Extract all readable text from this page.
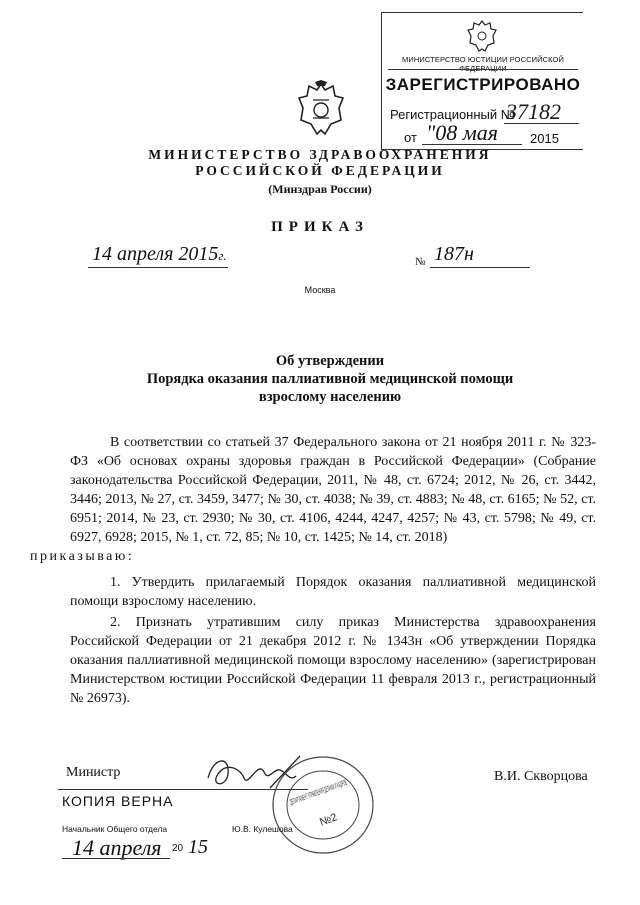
МИНИСТЕРСТВО ЮСТИЦИИ РОССИЙСКОЙ ФЕДЕРАЦИИ
ЗАРЕГИСТРИРОВАНО
Регистрационный №
37182
от "08 мая 2015
МИНИСТЕРСТВО ЗДРАВООХРАНЕНИЯ
РОССИЙСКОЙ ФЕДЕРАЦИИ
(Минздрав России)
ПРИКАЗ
14 апреля 2015г.	№ 187н
Москва
Об утверждении
Порядка оказания паллиативной медицинской помощи
взрослому населению
В соответствии со статьей 37 Федерального закона от 21 ноября 2011 г. № 323-ФЗ «Об основах охраны здоровья граждан в Российской Федерации» (Собрание законодательства Российской Федерации, 2011, № 48, ст. 6724; 2012, № 26, ст. 3442, 3446; 2013, № 27, ст. 3459, 3477; № 30, ст. 4038; № 39, ст. 4883; № 48, ст. 6165; № 52, ст. 6951; 2014, № 23, ст. 2930; № 30, ст. 4106, 4244, 4247, 4257; № 43, ст. 5798; № 49, ст. 6927, 6928; 2015, № 1, ст. 72, 85; № 10, ст. 1425; № 14, ст. 2018)
приказываю:
1. Утвердить прилагаемый Порядок оказания паллиативной медицинской помощи взрослому населению.
2. Признать утратившим силу приказ Министерства здравоохранения Российской Федерации от 21 декабря 2012 г. № 1343н «Об утверждении Порядка оказания паллиативной медицинской помощи взрослому населению» (зарегистрирован Министерством юстиции Российской Федерации 11 февраля 2013 г., регистрационный № 26973).
Министр	ДЕПАРТАМЕНТ УПРАВЛЕНИЯ ДЕЛАМИ И КАДРОВ
№2
В.И. Скворцова
КОПИЯ ВЕРНА
Начальник Общего отдела	Ю.В. Кулешова
14 апреля 20 15
